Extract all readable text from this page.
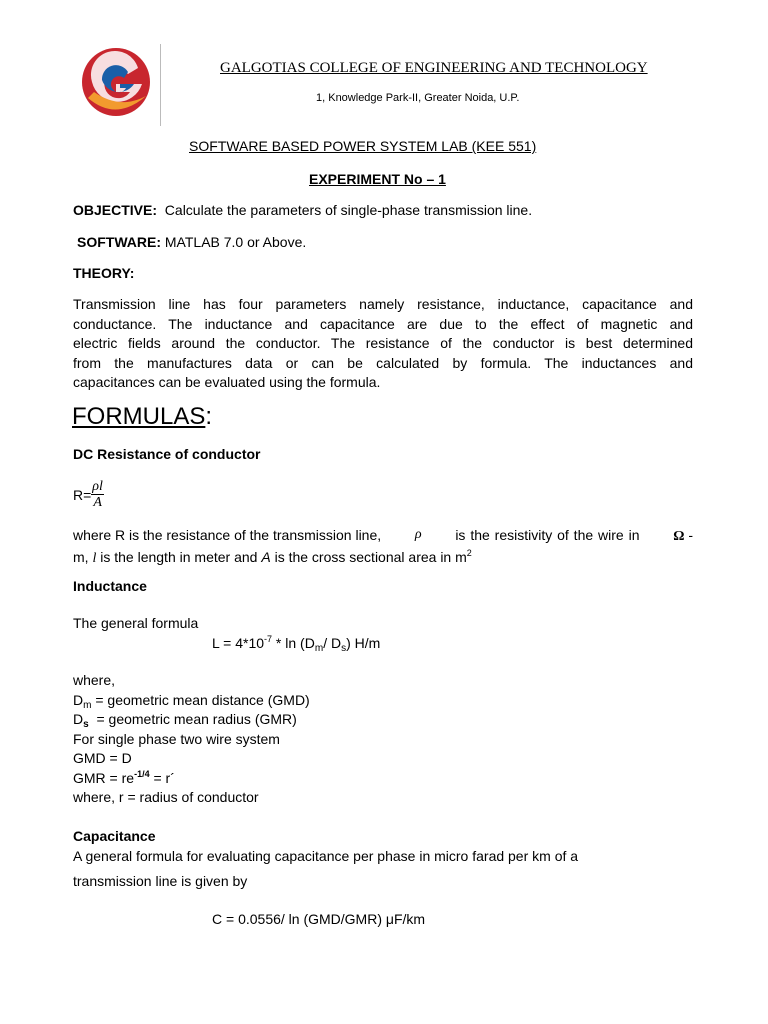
GALGOTIAS COLLEGE OF ENGINEERING AND TECHNOLOGY
1, Knowledge Park-II, Greater Noida, U.P.
SOFTWARE BASED POWER SYSTEM LAB (KEE 551)
EXPERIMENT No – 1
OBJECTIVE: Calculate the parameters of single-phase transmission line.
SOFTWARE: MATLAB 7.0 or Above.
THEORY:
Transmission line has four parameters namely resistance, inductance, capacitance and
conductance. The inductance and capacitance are due to the effect of magnetic and
electric fields around the conductor. The resistance of the conductor is best determined
from the manufactures data or can be calculated by formula. The inductances and
capacitances can be evaluated using the formula.
FORMULAS:
DC Resistance of conductor
$R= \frac{\rho l}{A}$
where R is the resistance of the transmission line, ρ is the resistivity of the wire in Ω -
m, l is the length in meter and A is the cross sectional area in $m^2$
Inductance
The general formula
$L = 4*10^{-7} * \ln (D_m/$ $D_s$) H/m
where,
$D_m$ = geometric mean distance (GMD)
$D_s$  = geometric mean radius (GMR)
For single phase two wire system
GMD = D
GMR = $re^{-1/4}$ = r´
where, r = radius of conductor
Capacitance
A general formula for evaluating capacitance per phase in micro farad per km of a
transmission line is given by
C = 0.0556/ ln (GMD/GMR) μF/km
